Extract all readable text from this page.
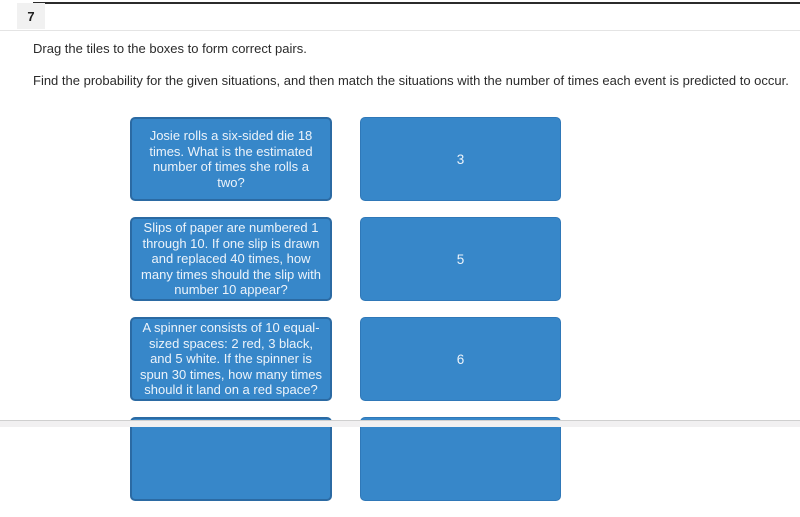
7

Drag the tiles to the boxes to form correct pairs.

Find the probability for the given situations, and then match the situations with the number of times each event is predicted to occur.

Josie rolls a six-sided die 18 times. What is the estimated number of times she rolls a two?
3
Slips of paper are numbered 1 through 10. If one slip is drawn and replaced 40 times, how many times should the slip with number 10 appear?
5
A spinner consists of 10 equal-sized spaces: 2 red, 3 black, and 5 white. If the spinner is spun 30 times, how many times should it land on a red space?
6
